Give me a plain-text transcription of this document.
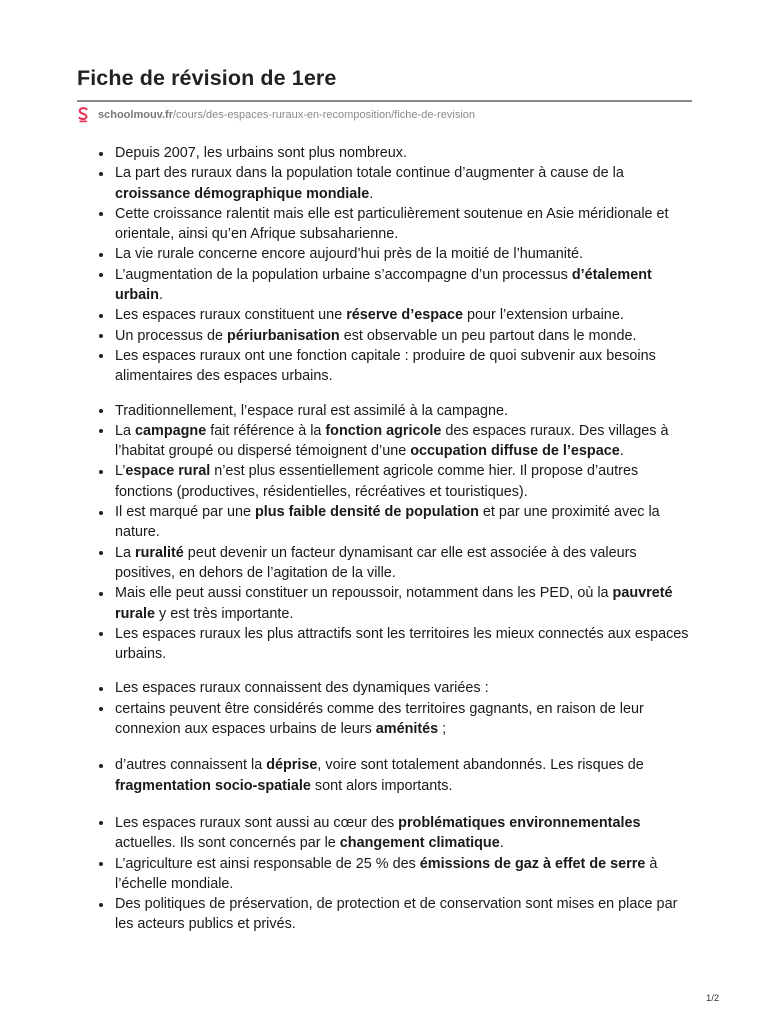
Fiche de révision de 1ere
schoolmouv.fr /cours/des-espaces-ruraux-en-recomposition/fiche-de-revision
Depuis 2007, les urbains sont plus nombreux.
La part des ruraux dans la population totale continue d’augmenter à cause de la croissance démographique mondiale.
Cette croissance ralentit mais elle est particulièrement soutenue en Asie méridionale et orientale, ainsi qu’en Afrique subsaharienne.
La vie rurale concerne encore aujourd’hui près de la moitié de l’humanité.
L’augmentation de la population urbaine s’accompagne d’un processus d’étalement urbain.
Les espaces ruraux constituent une réserve d’espace pour l’extension urbaine.
Un processus de périurbanisation est observable un peu partout dans le monde.
Les espaces ruraux ont une fonction capitale : produire de quoi subvenir aux besoins alimentaires des espaces urbains.
Traditionnellement, l’espace rural est assimilé à la campagne.
La campagne fait référence à la fonction agricole des espaces ruraux. Des villages à l’habitat groupé ou dispersé témoignent d’une occupation diffuse de l’espace.
L’espace rural n’est plus essentiellement agricole comme hier. Il propose d’autres fonctions (productives, résidentielles, récréatives et touristiques).
Il est marqué par une plus faible densité de population et par une proximité avec la nature.
La ruralité peut devenir un facteur dynamisant car elle est associée à des valeurs positives, en dehors de l’agitation de la ville.
Mais elle peut aussi constituer un repoussoir, notamment dans les PED, où la pauvreté rurale y est très importante.
Les espaces ruraux les plus attractifs sont les territoires les mieux connectés aux espaces urbains.
Les espaces ruraux connaissent des dynamiques variées :
certains peuvent être considérés comme des territoires gagnants, en raison de leur connexion aux espaces urbains de leurs aménités ;
d’autres connaissent la déprise, voire sont totalement abandonnés. Les risques de fragmentation socio-spatiale sont alors importants.
Les espaces ruraux sont aussi au cœur des problématiques environnementales actuelles. Ils sont concernés par le changement climatique.
L’agriculture est ainsi responsable de 25 % des émissions de gaz à effet de serre à l’échelle mondiale.
Des politiques de préservation, de protection et de conservation sont mises en place par les acteurs publics et privés.
1/2
